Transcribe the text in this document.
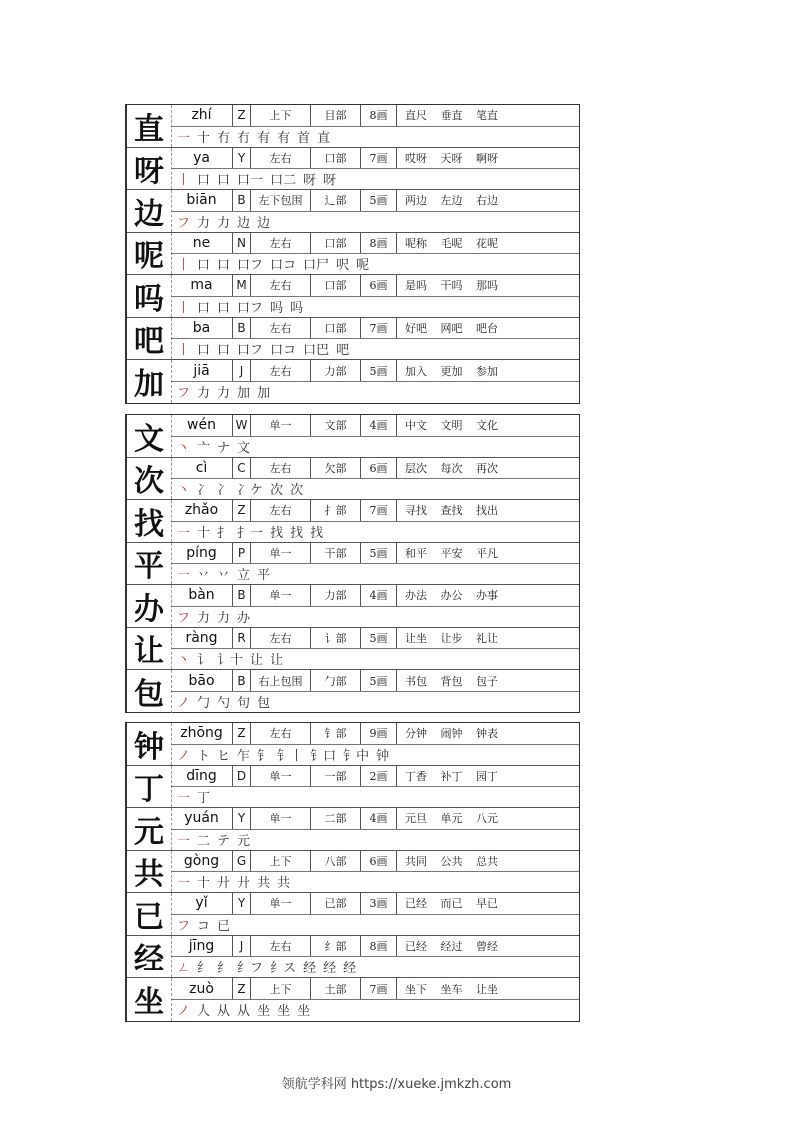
直	zhí	Z	上下	目部	8画	直尺 垂直 笔直
一 十 冇 冇 有 有 首 直
呀	ya	Y	左右	口部	7画	哎呀 天呀 啊呀
丨 口 口 口一 口二 呀 呀
边	biān	B	左下包围	辶部	5画	两边 左边 右边
フ 力 力 边 边
呢	ne	N	左右	口部	8画	呢称 毛呢 花呢
丨 口 口 口フ 口コ 口尸 呎 呢
吗	ma	M	左右	口部	6画	是吗 干吗 那吗
丨 口 口 口フ 吗 吗
吧	ba	B	左右	口部	7画	好吧 网吧 吧台
丨 口 口 口フ 口コ 口巴 吧
加	jiā	J	左右	力部	5画	加入 更加 参加
フ 力 力 加 加
文	wén	W	单一	文部	4画	中文 文明 文化
丶 亠 ナ 文
次	cì	C	左右	欠部	6画	层次 每次 再次
丶 冫 冫 冫ケ 次 次
找	zhǎo	Z	左右	扌部	7画	寻找 查找 找出
一 十 扌 扌一 找 找 找
平	píng	P	单一	干部	5画	和平 平安 平凡
一 丷 丷 立 平
办	bàn	B	单一	力部	4画	办法 办公 办事
フ 力 力 办
让	ràng	R	左右	讠部	5画	让坐 让步 礼让
丶 讠 讠十 让 让
包	bāo	B	右上包围	勹部	5画	书包 背包 包子
ノ 勹 勺 句 包
钟	zhōng	Z	左右	钅部	9画	分钟 闹钟 钟表
ノ ト ヒ 乍 钅 钅丨 钅口 钅中 钟
丁	dīng	D	单一	一部	2画	丁香 补丁 园丁
一 丁
元	yuán	Y	单一	二部	4画	元旦 单元 八元
一 二 テ 元
共	gòng	G	上下	八部	6画	共同 公共 总共
一 十 廾 廾 共 共
已	yǐ	Y	单一	已部	3画	已经 而已 早已
フ コ 已
经	jīng	J	左右	纟部	8画	已经 经过 曾经
ㄥ 纟 纟 纟フ 纟ス 经 经 经
坐	zuò	Z	上下	土部	7画	坐下 坐车 让坐
ノ 人 从 从 坐 坐 坐
领航学科网 https://xueke.jmkzh.com
